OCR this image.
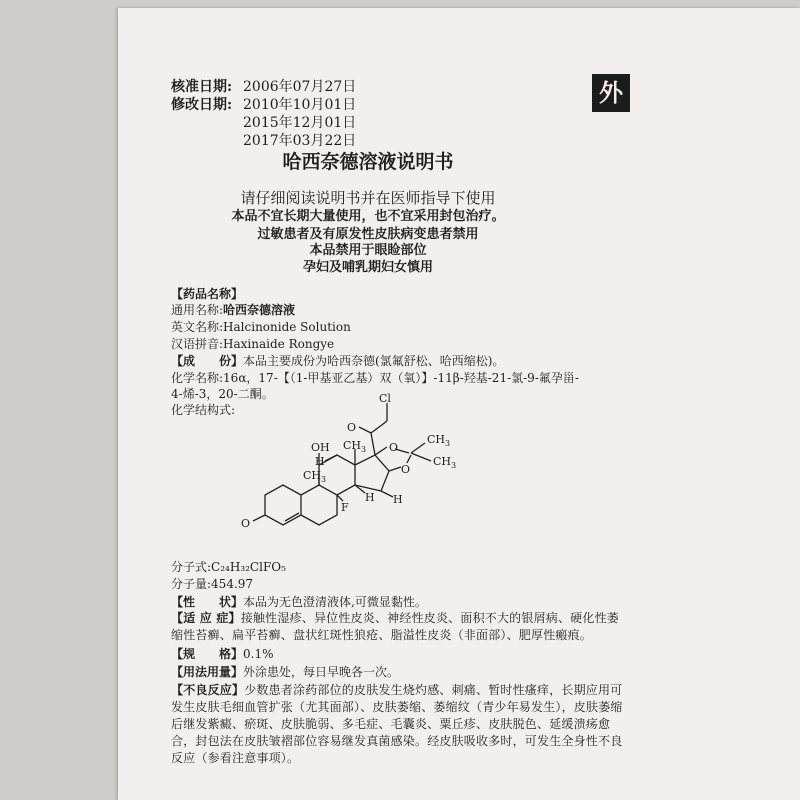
外
核准日期: 2006年07月27日
修改日期: 2010年10月01日
2015年12月01日
2017年03月22日
哈西奈德溶液说明书
请仔细阅读说明书并在医师指导下使用
本品不宜长期大量使用，也不宜采用封包治疗。
过敏患者及有原发性皮肤病变患者禁用
本品禁用于眼睑部位
孕妇及哺乳期妇女慎用
【药品名称】
通用名称:哈西奈德溶液
英文名称:Halcinonide Solution
汉语拼音:Haxinaide Rongye
【成　　份】本品主要成份为哈西奈德(氯氟舒松、哈西缩松)。
化学名称:16α，17-【（1-甲基亚乙基）双（氧）】-11β-羟基-21-氯-9-氟孕甾-
4-烯-3，20-二酮。
化学结构式:
Cl
O
O
O
$CH_3$
$CH_3$
OH $CH_3$
$CH_3$
H
H H
F
O
分子式:C₂₄H₃₂ClFO₅
分子量:454.97
【性　　状】本品为无色澄清液体,可微显黏性。
【适 应 症】接触性湿疹、异位性皮炎、神经性皮炎、面积不大的银屑病、硬化性萎缩性苔癣、扁平苔癣、盘状红斑性狼疮、脂溢性皮炎（非面部）、肥厚性瘢痕。
【规　　格】0.1%
【用法用量】外涂患处，每日早晚各一次。
【不良反应】少数患者涂药部位的皮肤发生烧灼感、刺痛、暂时性瘙痒，长期应用可发生皮肤毛细血管扩张（尤其面部）、皮肤萎缩、萎缩纹（青少年易发生），皮肤萎缩后继发紫癜、瘀斑、皮肤脆弱、多毛症、毛囊炎、粟丘疹、皮肤脱色、延缓溃疡愈合，封包法在皮肤皱褶部位容易继发真菌感染。经皮肤吸收多时，可发生全身性不良反应（参看注意事项）。
